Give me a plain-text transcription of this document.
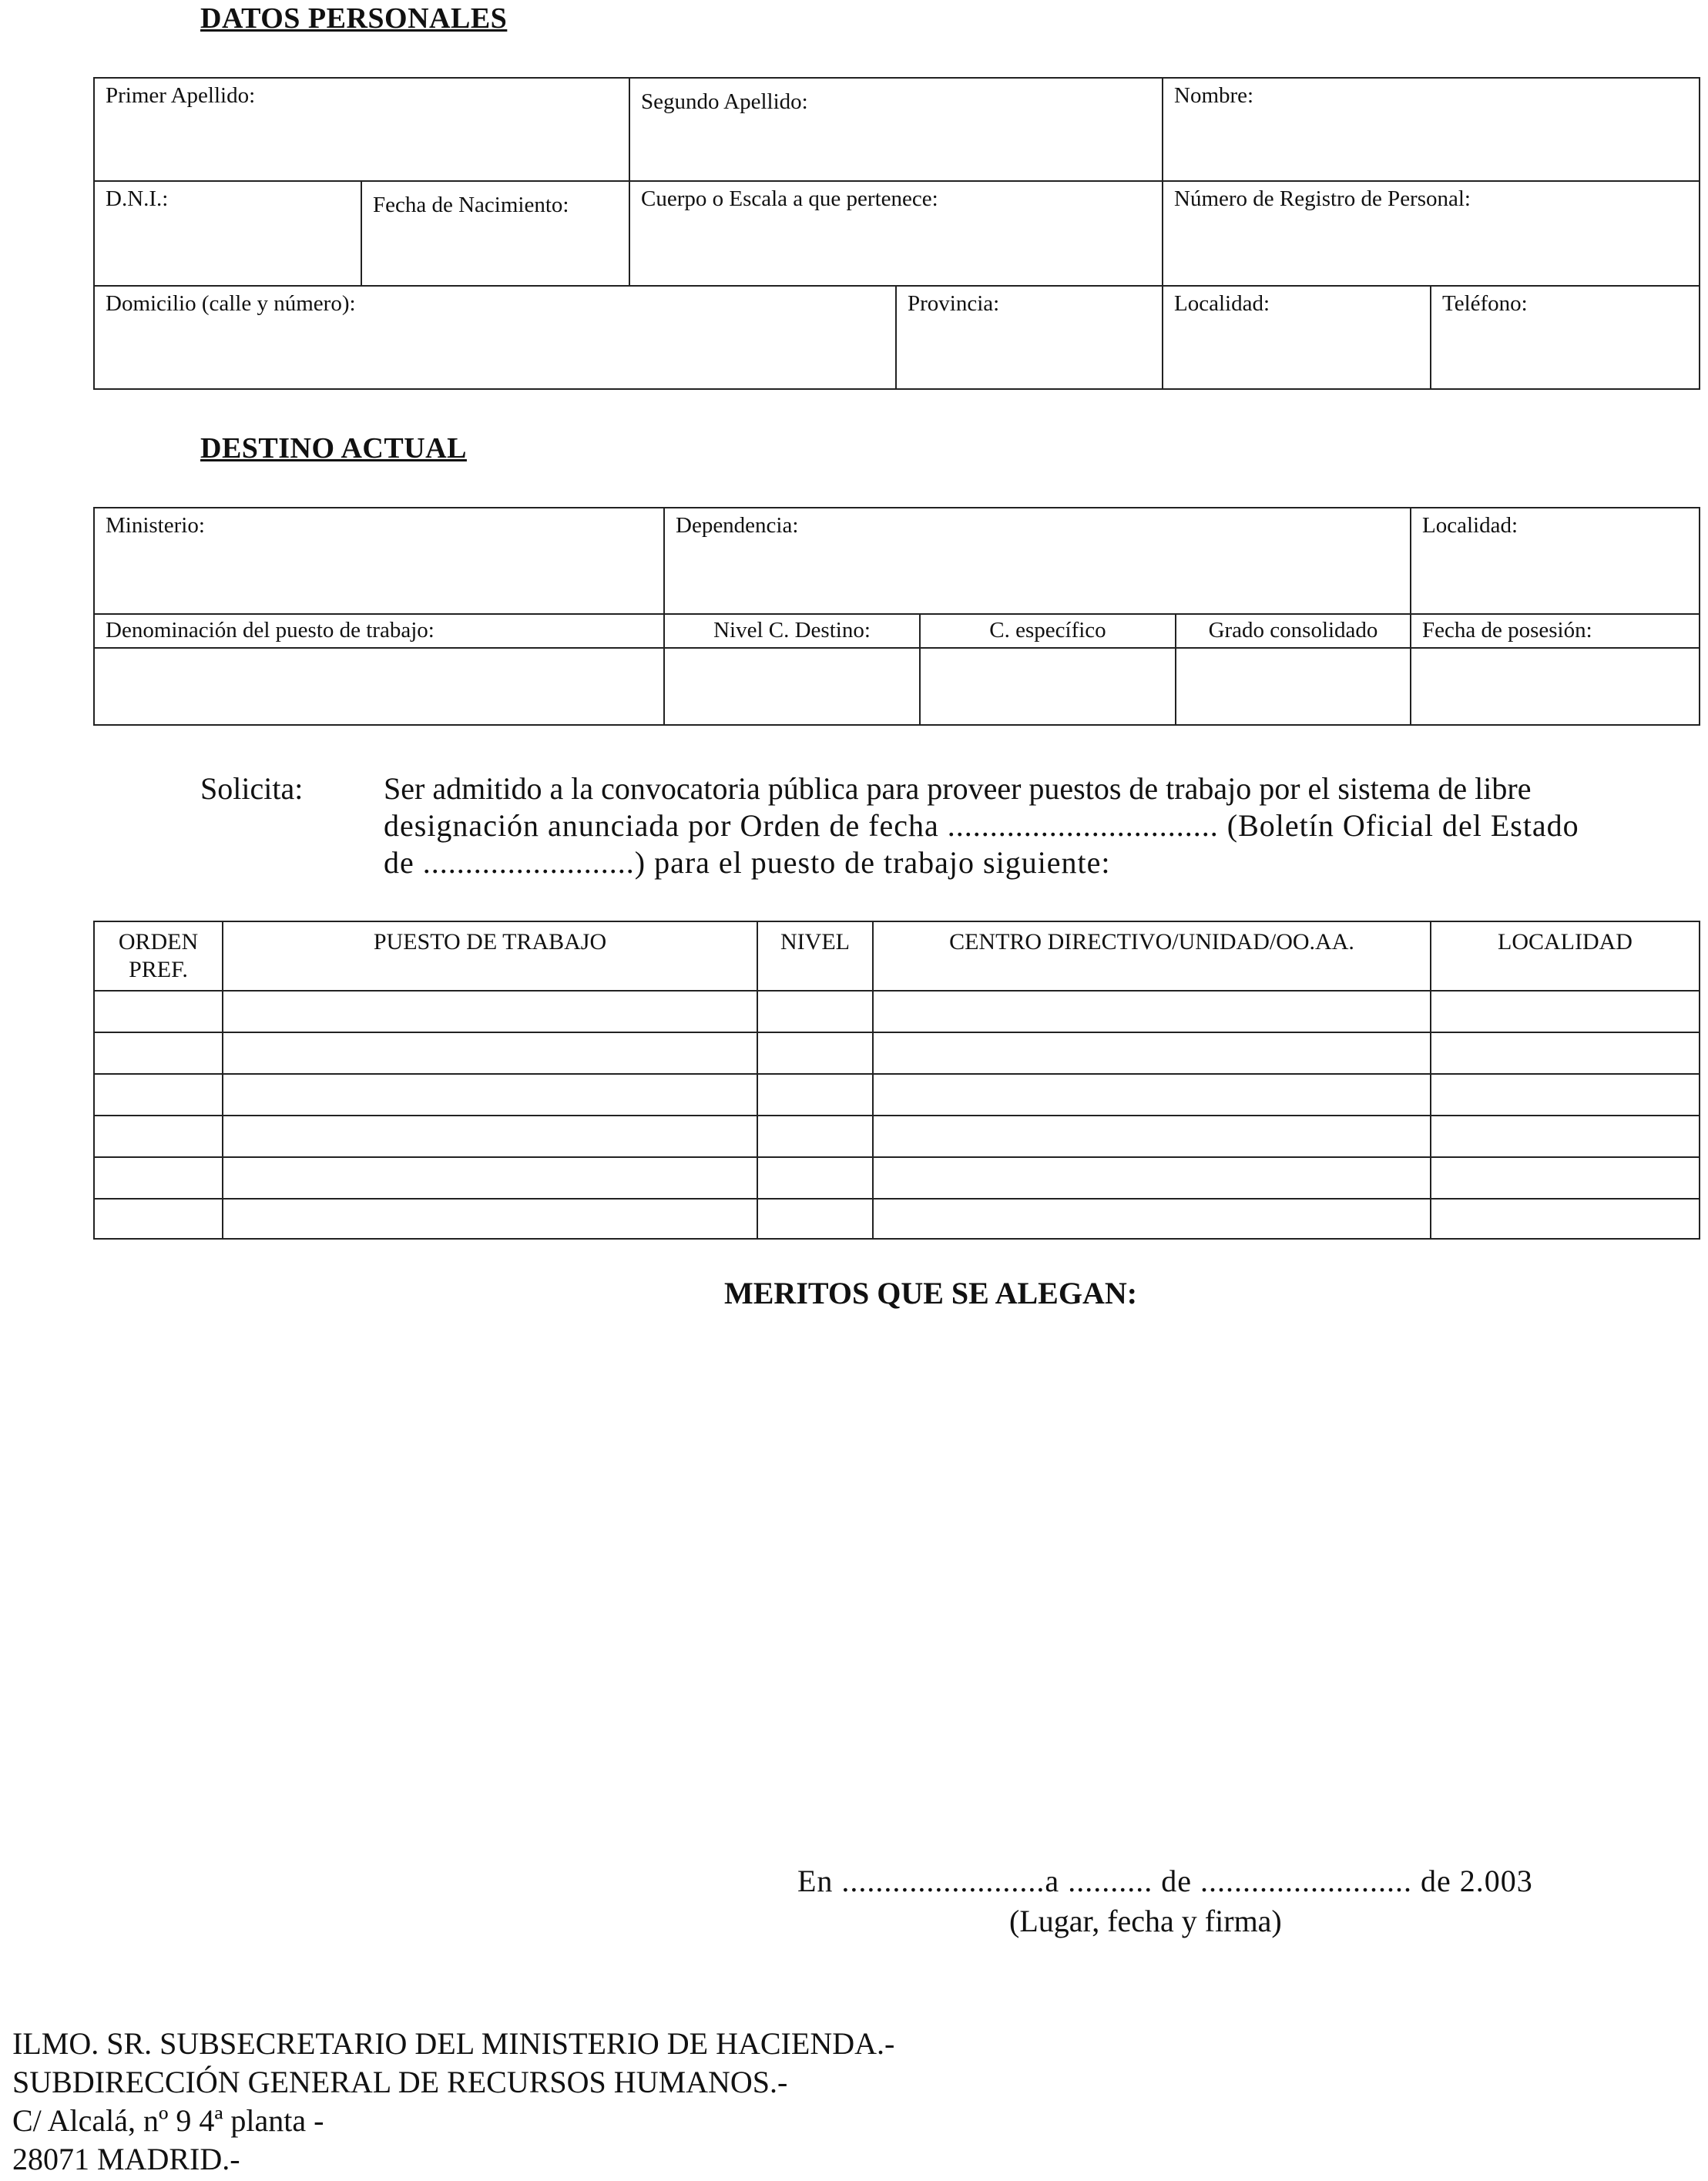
DATOS PERSONALES
Primer Apellido:		Segundo Apellido:		Nombre:	
D.N.I.:	Fecha de Nacimiento:	Cuerpo o Escala a que pertenece:		Número de Registro de Personal:	
Domicilio (calle y número):			Provincia:	Localidad:	Teléfono:
DESTINO ACTUAL
Ministerio:	Dependencia:			Localidad:
Denominación del puesto de trabajo:	Nivel C. Destino:	C. específico	Grado consolidado	Fecha de posesión:

Solicita:	Ser admitido a la convocatoria pública para proveer puestos de trabajo por el sistema de libre
designación anunciada por Orden de fecha ................................ (Boletín Oficial del Estado
de .........................) para el puesto de trabajo siguiente:
ORDEN PREF.	PUESTO DE TRABAJO	NIVEL	CENTRO DIRECTIVO/UNIDAD/OO.AA.	LOCALIDAD

MERITOS QUE SE ALEGAN:
En ........................a .......... de ......................... de 2.003
(Lugar, fecha y firma)
ILMO. SR. SUBSECRETARIO DEL MINISTERIO DE HACIENDA.-
SUBDIRECCIÓN GENERAL DE RECURSOS HUMANOS.-
C/ Alcalá, nº 9 4ª planta -
28071 MADRID.-
